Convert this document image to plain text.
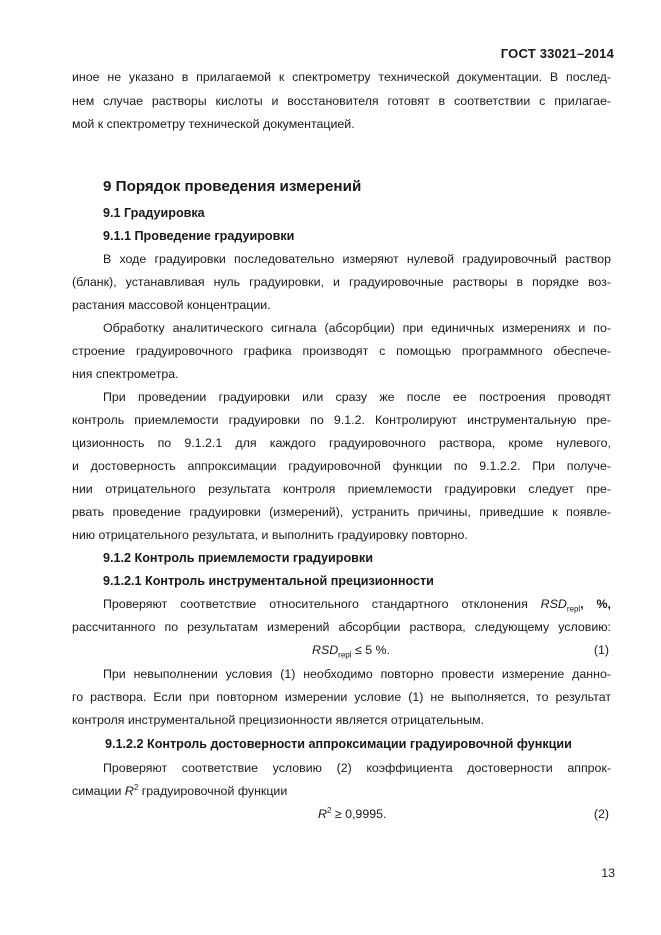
ГОСТ 33021–2014
иное не указано в прилагаемой к спектрометру технической документации. В послед-
нем случае растворы кислоты и восстановителя готовят в соответствии с прилагае-
мой к спектрометру технической документацией.
9 Порядок проведения измерений
9.1 Градуировка
9.1.1 Проведение градуировки
В ходе градуировки последовательно измеряют нулевой градуировочный раствор
(бланк), устанавливая нуль градуировки, и градуировочные растворы в порядке воз-
растания массовой концентрации.
Обработку аналитического сигнала (абсорбции) при единичных измерениях и по-
строение градуировочного графика производят с помощью программного обеспече-
ния спектрометра.
При проведении градуировки или сразу же после ее построения проводят
контроль приемлемости градуировки по 9.1.2. Контролируют инструментальную пре-
цизионность по 9.1.2.1 для каждого градуировочного раствора, кроме нулевого,
и достоверность аппроксимации градуировочной функции по 9.1.2.2. При получе-
нии отрицательного результата контроля приемлемости градуировки следует пре-
рвать проведение градуировки (измерений), устранить причины, приведшие к появле-
нию отрицательного результата, и выполнить градуировку повторно.
9.1.2 Контроль приемлемости градуировки
9.1.2.1 Контроль инструментальной прецизионности
Проверяют соответствие относительного стандартного отклонения $RSD_{repl}$, %,
рассчитанного по результатам измерений абсорбции раствора, следующему условию:
$RSD_{repl} \le 5$ %.	(1)
При невыполнении условия (1) необходимо повторно провести измерение данно-
го раствора. Если при повторном измерении условие (1) не выполняется, то результат
контроля инструментальной прецизионности является отрицательным.
9.1.2.2 Контроль достоверности аппроксимации градуировочной функции
Проверяют соответствие условию (2) коэффициента достоверности аппрок-
симации $R^2$ градуировочной функции
$R^2 \ge 0,9995$.	(2)
13
